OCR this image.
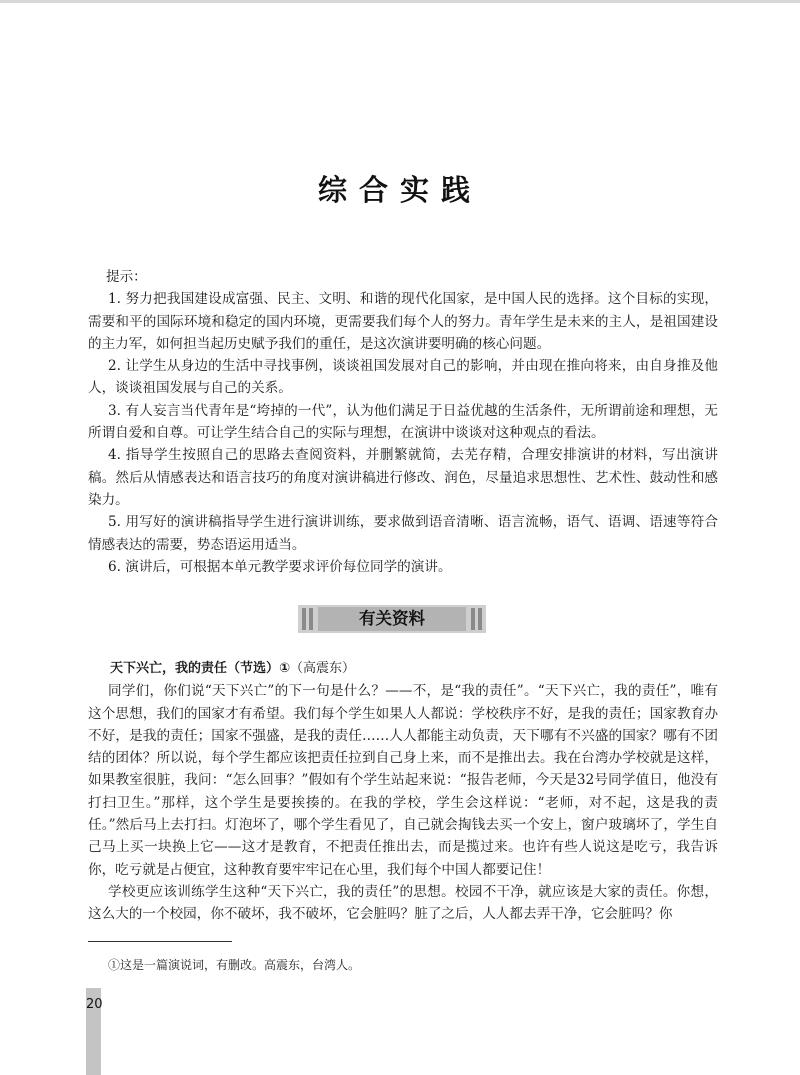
综合实践
提示：

1. 努力把我国建设成富强、民主、文明、和谐的现代化国家，是中国人民的选择。这个目标的实现，需要和平的国际环境和稳定的国内环境，更需要我们每个人的努力。青年学生是未来的主人，是祖国建设的主力军，如何担当起历史赋予我们的重任，是这次演讲要明确的核心问题。

2. 让学生从身边的生活中寻找事例，谈谈祖国发展对自己的影响，并由现在推向将来，由自身推及他人，谈谈祖国发展与自己的关系。

3. 有人妄言当代青年是“垮掉的一代”，认为他们满足于日益优越的生活条件，无所谓前途和理想，无所谓自爱和自尊。可让学生结合自己的实际与理想，在演讲中谈谈对这种观点的看法。

4. 指导学生按照自己的思路去查阅资料，并删繁就简，去芜存精，合理安排演讲的材料，写出演讲稿。然后从情感表达和语言技巧的角度对演讲稿进行修改、润色，尽量追求思想性、艺术性、鼓动性和感染力。

5. 用写好的演讲稿指导学生进行演讲训练，要求做到语音清晰、语言流畅，语气、语调、语速等符合情感表达的需要，势态语运用适当。

6. 演讲后，可根据本单元教学要求评价每位同学的演讲。

有关资料
天下兴亡，我的责任（节选）①（高震东）

同学们，你们说“天下兴亡”的下一句是什么？——不，是“我的责任”。“天下兴亡，我的责任”，唯有这个思想，我们的国家才有希望。我们每个学生如果人人都说：学校秩序不好，是我的责任；国家教育办不好，是我的责任；国家不强盛，是我的责任……人人都能主动负责，天下哪有不兴盛的国家？哪有不团结的团体？所以说，每个学生都应该把责任拉到自己身上来，而不是推出去。我在台湾办学校就是这样，如果教室很脏，我问：“怎么回事？”假如有个学生站起来说：“报告老师，今天是32号同学值日，他没有打扫卫生。”那样，这个学生是要挨揍的。在我的学校，学生会这样说：“老师，对不起，这是我的责任。”然后马上去打扫。灯泡坏了，哪个学生看见了，自己就会掏钱去买一个安上，窗户玻璃坏了，学生自己马上买一块换上它——这才是教育，不把责任推出去，而是揽过来。也许有些人说这是吃亏，我告诉你，吃亏就是占便宜，这种教育要牢牢记在心里，我们每个中国人都要记住！

学校更应该训练学生这种“天下兴亡，我的责任”的思想。校园不干净，就应该是大家的责任。你想，这么大的一个校园，你不破坏，我不破坏，它会脏吗？脏了之后，人人都去弄干净，它会脏吗？你

①这是一篇演说词，有删改。高震东，台湾人。
20
